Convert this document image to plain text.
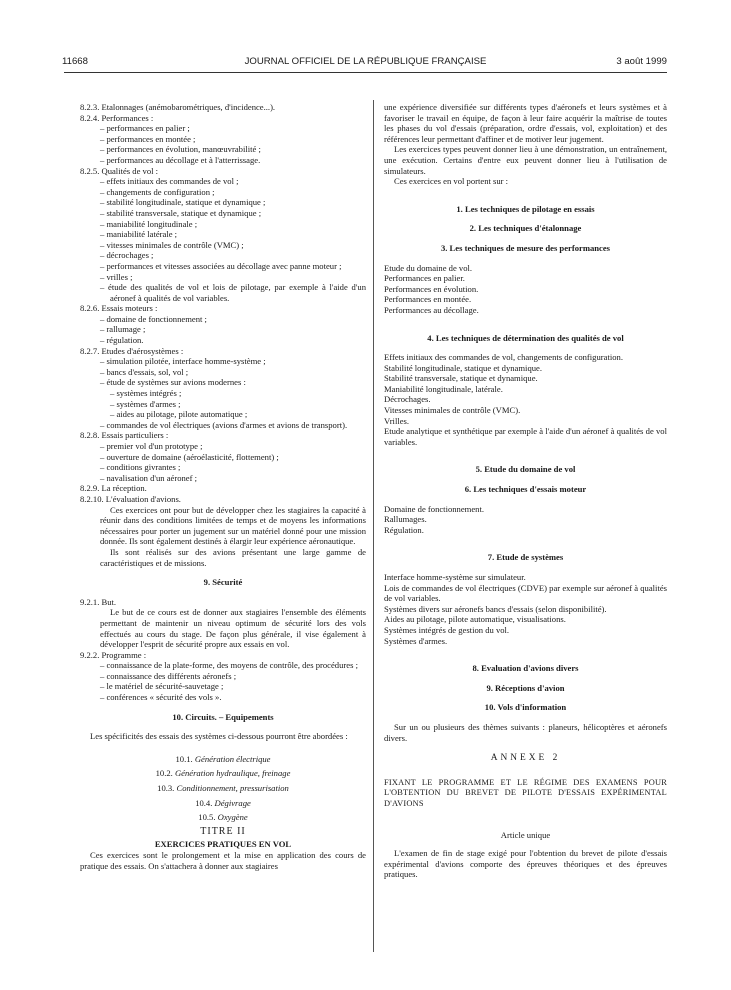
11668	JOURNAL OFFICIEL DE LA RÉPUBLIQUE FRANÇAISE	3 août 1999
8.2.3. Etalonnages (anémobarométriques, d'incidence...).
8.2.4. Performances :
– performances en palier ;
– performances en montée ;
– performances en évolution, manœuvrabilité ;
– performances au décollage et à l'atterrissage.
8.2.5. Qualités de vol :
– effets initiaux des commandes de vol ;
– changements de configuration ;
– stabilité longitudinale, statique et dynamique ;
– stabilité transversale, statique et dynamique ;
– maniabilité longitudinale ;
– maniabilité latérale ;
– vitesses minimales de contrôle (VMC) ;
– décrochages ;
– performances et vitesses associées au décollage avec panne moteur ;
– vrilles ;
– étude des qualités de vol et lois de pilotage, par exemple à l'aide d'un aéronef à qualités de vol variables.
8.2.6. Essais moteurs :
– domaine de fonctionnement ;
– rallumage ;
– régulation.
8.2.7. Etudes d'aérosystèmes :
– simulation pilotée, interface homme-système ;
– bancs d'essais, sol, vol ;
– étude de systèmes sur avions modernes :
– systèmes intégrés ;
– systèmes d'armes ;
– aides au pilotage, pilote automatique ;
– commandes de vol électriques (avions d'armes et avions de transport).
8.2.8. Essais particuliers :
– premier vol d'un prototype ;
– ouverture de domaine (aéroélasticité, flottement) ;
– conditions givrantes ;
– navalisation d'un aéronef ;
8.2.9. La réception.
8.2.10. L'évaluation d'avions.
Ces exercices ont pour but de développer chez les stagiaires la capacité à réunir dans des conditions limitées de temps et de moyens les informations nécessaires pour porter un jugement sur un matériel donné pour une mission donnée. Ils sont également destinés à élargir leur expérience aéronautique.
Ils sont réalisés sur des avions présentant une large gamme de caractéristiques et de missions.
9. Sécurité
9.2.1. But.
Le but de ce cours est de donner aux stagiaires l'ensemble des éléments permettant de maintenir un niveau optimum de sécurité lors des vols effectués au cours du stage. De façon plus générale, il vise également à développer l'esprit de sécurité propre aux essais en vol.
9.2.2. Programme :
– connaissance de la plate-forme, des moyens de contrôle, des procédures ;
– connaissance des différents aéronefs ;
– le matériel de sécurité-sauvetage ;
– conférences « sécurité des vols ».
10. Circuits. – Equipements
Les spécificités des essais des systèmes ci-dessous pourront être abordées :
10.1. Génération électrique
10.2. Génération hydraulique, freinage
10.3. Conditionnement, pressurisation
10.4. Dégivrage
10.5. Oxygène
TITRE II
EXERCICES PRATIQUES EN VOL
Ces exercices sont le prolongement et la mise en application des cours de pratique des essais. On s'attachera à donner aux stagiaires
une expérience diversifiée sur différents types d'aéronefs et leurs systèmes et à favoriser le travail en équipe, de façon à leur faire acquérir la maîtrise de toutes les phases du vol d'essais (préparation, ordre d'essais, vol, exploitation) et des références leur permettant d'affiner et de motiver leur jugement.
Les exercices types peuvent donner lieu à une démonstration, un entraînement, une exécution. Certains d'entre eux peuvent donner lieu à l'utilisation de simulateurs.
Ces exercices en vol portent sur :
1. Les techniques de pilotage en essais
2. Les techniques d'étalonnage
3. Les techniques de mesure des performances
Etude du domaine de vol.
Performances en palier.
Performances en évolution.
Performances en montée.
Performances au décollage.
4. Les techniques de détermination des qualités de vol
Effets initiaux des commandes de vol, changements de configuration.
Stabilité longitudinale, statique et dynamique.
Stabilité transversale, statique et dynamique.
Maniabilité longitudinale, latérale.
Décrochages.
Vitesses minimales de contrôle (VMC).
Vrilles.
Etude analytique et synthétique par exemple à l'aide d'un aéronef à qualités de vol variables.
5. Etude du domaine de vol
6. Les techniques d'essais moteur
Domaine de fonctionnement.
Rallumages.
Régulation.
7. Etude de systèmes
Interface homme-système sur simulateur.
Lois de commandes de vol électriques (CDVE) par exemple sur aéronef à qualités de vol variables.
Systèmes divers sur aéronefs bancs d'essais (selon disponibilité).
Aides au pilotage, pilote automatique, visualisations.
Systèmes intégrés de gestion du vol.
Systèmes d'armes.
8. Evaluation d'avions divers
9. Réceptions d'avion
10. Vols d'information
Sur un ou plusieurs des thèmes suivants : planeurs, hélicoptères et aéronefs divers.
ANNEXE 2
FIXANT LE PROGRAMME ET LE RÉGIME DES EXAMENS POUR L'OBTENTION DU BREVET DE PILOTE D'ESSAIS EXPÉRIMENTAL D'AVIONS
Article unique
L'examen de fin de stage exigé pour l'obtention du brevet de pilote d'essais expérimental d'avions comporte des épreuves théoriques et des épreuves pratiques.
